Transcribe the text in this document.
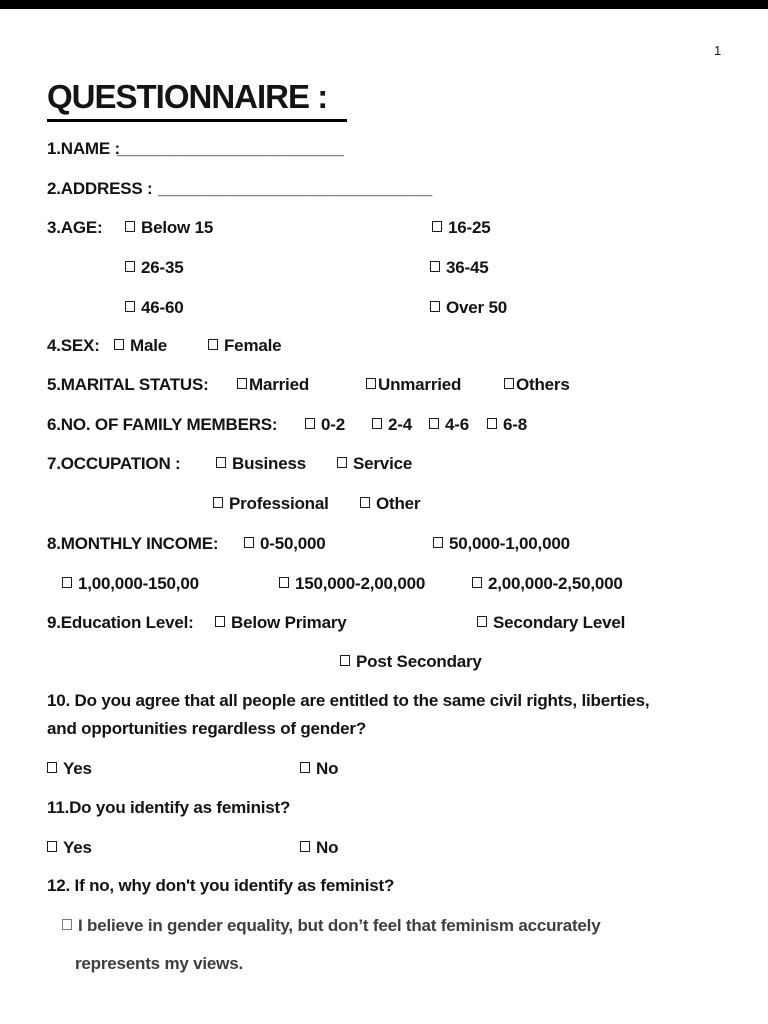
1
QUESTIONNAIRE :
1.NAME :
________________________
2.ADDRESS : _____________________________
3.AGE:	Below 15	16-25
26-35	36-45
46-60	Over 50
4.SEX:	Male	Female
5.MARITAL STATUS:	Married	Unmarried	Others
6.NO. OF FAMILY MEMBERS:	0-2	2-4	4-6	6-8
7.OCCUPATION :	Business	Service
Professional	Other
8.MONTHLY INCOME:	0-50,000	50,000-1,00,000
1,00,000-150,00	150,000-2,00,000	2,00,000-2,50,000
9.Education Level:	Below Primary	Secondary Level
Post Secondary
10. Do you agree that all people are entitled to the same civil rights, liberties,
and opportunities regardless of gender?
Yes	No
11.Do you identify as feminist?
Yes	No
12. If no, why don't you identify as feminist?
I believe in gender equality, but don’t feel that feminism accurately
represents my views.
